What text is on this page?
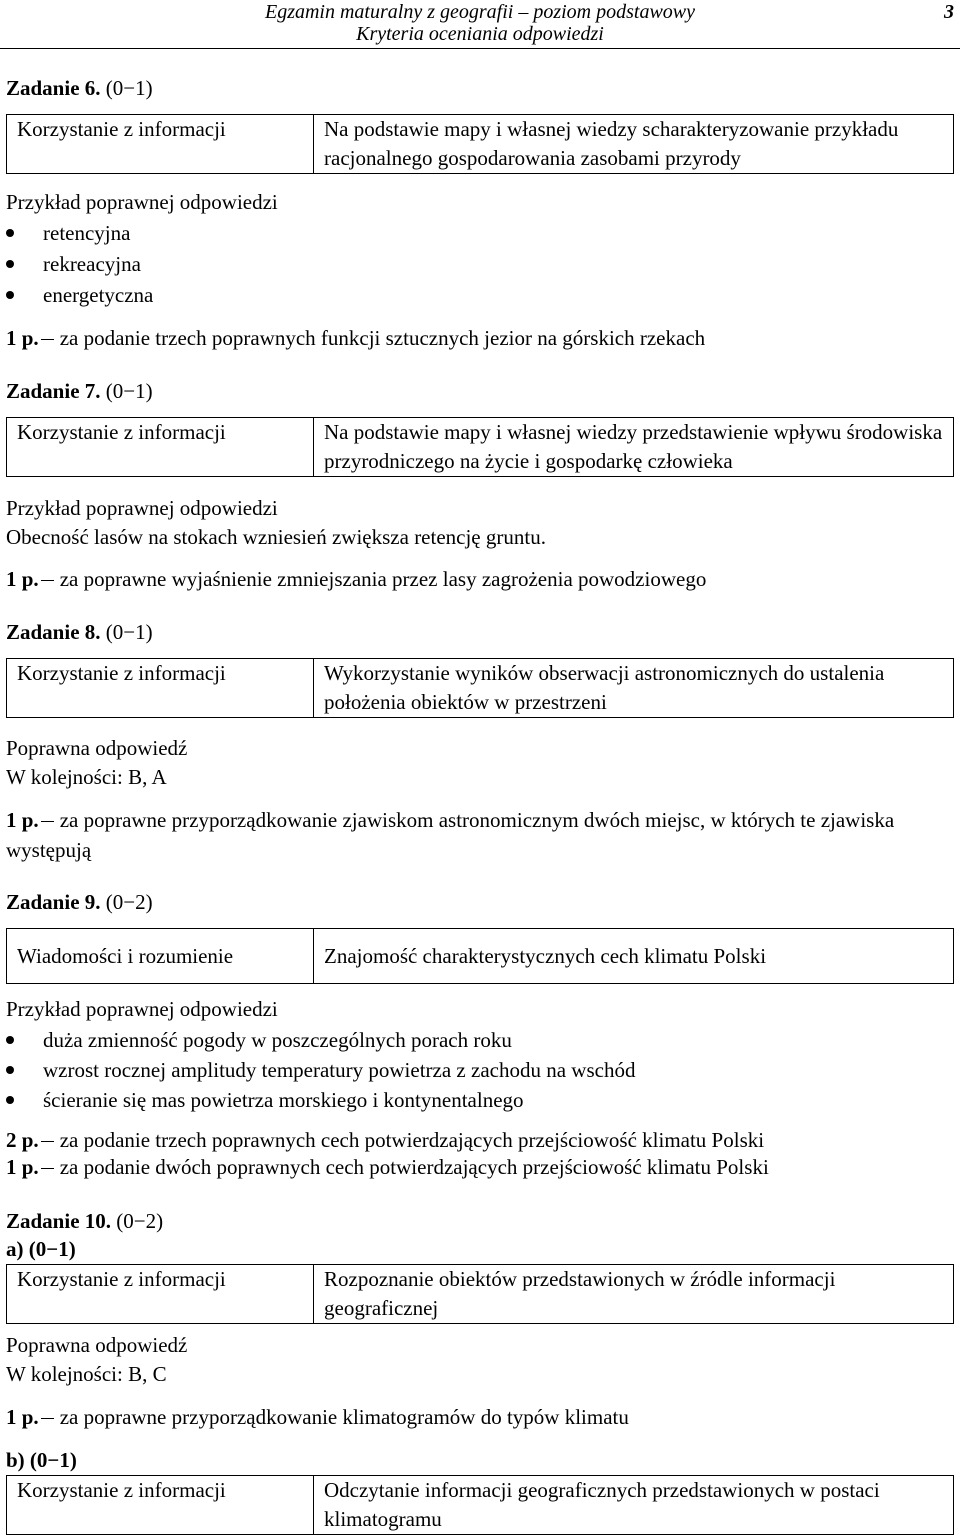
Egzamin maturalny z geografii – poziom podstawowy
Kryteria oceniania odpowiedzi
3
Zadanie 6. (0−1)
Korzystanie z informacji	Na podstawie mapy i własnej wiedzy scharakteryzowanie przykładu racjonalnego gospodarowania zasobami przyrody
Przykład poprawnej odpowiedzi
retencyjna
rekreacyjna
energetyczna
1 p. za podanie trzech poprawnych funkcji sztucznych jezior na górskich rzekach
Zadanie 7. (0−1)
Korzystanie z informacji	Na podstawie mapy i własnej wiedzy przedstawienie wpływu środowiska przyrodniczego na życie i gospodarkę człowieka
Przykład poprawnej odpowiedzi
Obecność lasów na stokach wzniesień zwiększa retencję gruntu.
1 p. za poprawne wyjaśnienie zmniejszania przez lasy zagrożenia powodziowego
Zadanie 8. (0−1)
Korzystanie z informacji	Wykorzystanie wyników obserwacji astronomicznych do ustalenia położenia obiektów w przestrzeni
Poprawna odpowiedź
W kolejności: B, A
1 p. za poprawne przyporządkowanie zjawiskom astronomicznym dwóch miejsc, w których te zjawiska występują
Zadanie 9. (0−2)
Wiadomości i rozumienie	Znajomość charakterystycznych cech klimatu Polski
Przykład poprawnej odpowiedzi
duża zmienność pogody w poszczególnych porach roku
wzrost rocznej amplitudy temperatury powietrza z zachodu na wschód
ścieranie się mas powietrza morskiego i kontynentalnego
2 p. za podanie trzech poprawnych cech potwierdzających przejściowość klimatu Polski
1 p. za podanie dwóch poprawnych cech potwierdzających przejściowość klimatu Polski
Zadanie 10. (0−2)
a) (0−1)
Korzystanie z informacji	Rozpoznanie obiektów przedstawionych w źródle informacji geograficznej
Poprawna odpowiedź
W kolejności: B, C
1 p. za poprawne przyporządkowanie klimatogramów do typów klimatu
b) (0−1)
Korzystanie z informacji	Odczytanie informacji geograficznych przedstawionych w postaci klimatogramu
